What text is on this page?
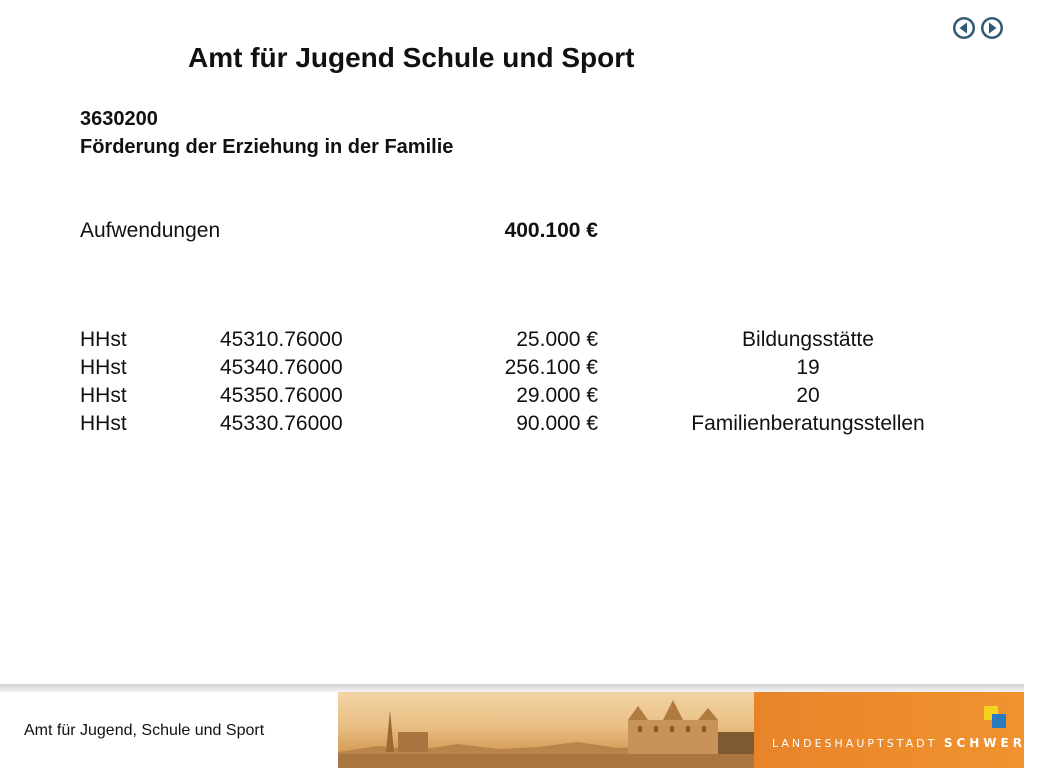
Amt für Jugend Schule und Sport
3630200
Förderung der Erziehung in der Familie
Aufwendungen	400.100 €
HHst	45310.76000	25.000 €	Bildungsstätte
HHst	45340.76000	256.100 €	19
HHst	45350.76000	29.000 €	20
HHst	45330.76000	90.000 €	Familienberatungsstellen
Amt für Jugend, Schule und Sport
LANDESHAUPTSTADT SCHWERIN
